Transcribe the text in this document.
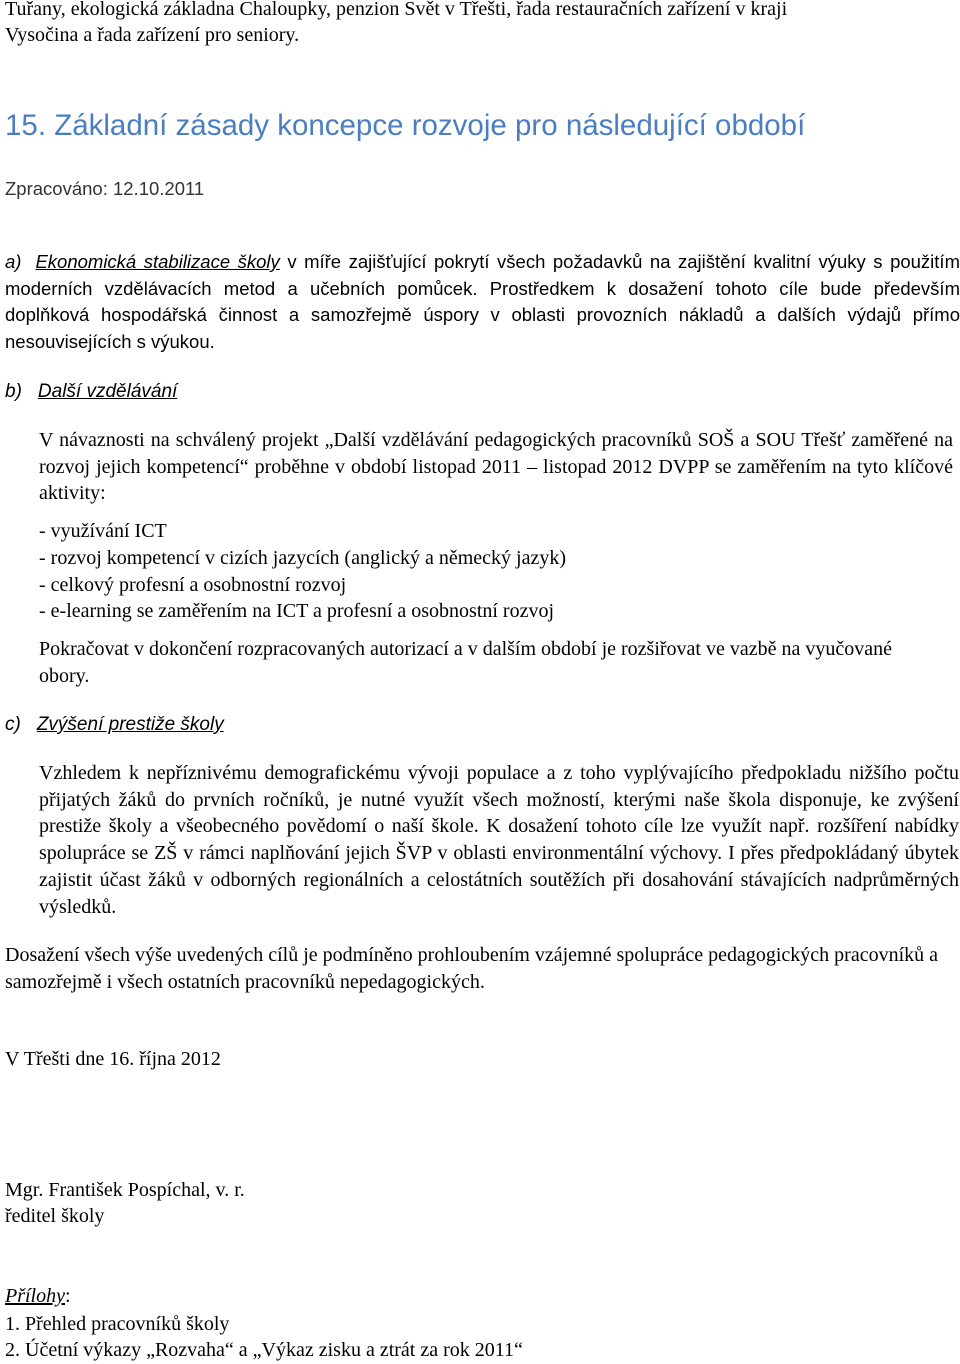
Tuřany, ekologická základna Chaloupky, penzion Svět v Třešti, řada restauračních zařízení v kraji
Vysočina a řada zařízení pro seniory.
15. Základní zásady koncepce rozvoje pro následující období
Zpracováno: 12.10.2011
a) Ekonomická stabilizace školy v míře zajišťující pokrytí všech požadavků na zajištění kvalitní výuky s použitím moderních vzdělávacích metod a učebních pomůcek. Prostředkem k dosažení tohoto cíle bude především doplňková hospodářská činnost a samozřejmě úspory v oblasti provozních nákladů a dalších výdajů přímo nesouvisejících s výukou.
b) Další vzdělávání
V návaznosti na schválený projekt „Další vzdělávání pedagogických pracovníků SOŠ a SOU Třešť zaměřené na rozvoj jejich kompetencí“ proběhne v období listopad 2011 – listopad 2012 DVPP se zaměřením na tyto klíčové aktivity:
- využívání ICT
- rozvoj kompetencí v cizích jazycích (anglický a německý jazyk)
- celkový profesní a osobnostní rozvoj
- e-learning se zaměřením na ICT a profesní a osobnostní rozvoj
Pokračovat v dokončení rozpracovaných autorizací a v dalším období je rozšiřovat ve vazbě na vyučované obory.
c) Zvýšení prestiže školy
Vzhledem k nepříznivému demografickému vývoji populace a z toho vyplývajícího předpokladu nižšího počtu přijatých žáků do prvních ročníků, je nutné využít všech možností, kterými naše škola disponuje, ke zvýšení prestiže školy a všeobecného povědomí o naší škole. K dosažení tohoto cíle lze využít např. rozšíření nabídky spolupráce se ZŠ v rámci naplňování jejich ŠVP v oblasti environmentální výchovy. I přes předpokládaný úbytek zajistit účast žáků v odborných regionálních a celostátních soutěžích při dosahování stávajících nadprůměrných výsledků.
Dosažení všech výše uvedených cílů je podmíněno prohloubením vzájemné spolupráce pedagogických pracovníků a samozřejmě i všech ostatních pracovníků nepedagogických.
V Třešti dne 16. října 2012
Mgr. František Pospíchal, v. r.
ředitel školy
Přílohy:
1. Přehled pracovníků školy
2. Účetní výkazy „Rozvaha“ a „Výkaz zisku a ztrát za rok 2011“
